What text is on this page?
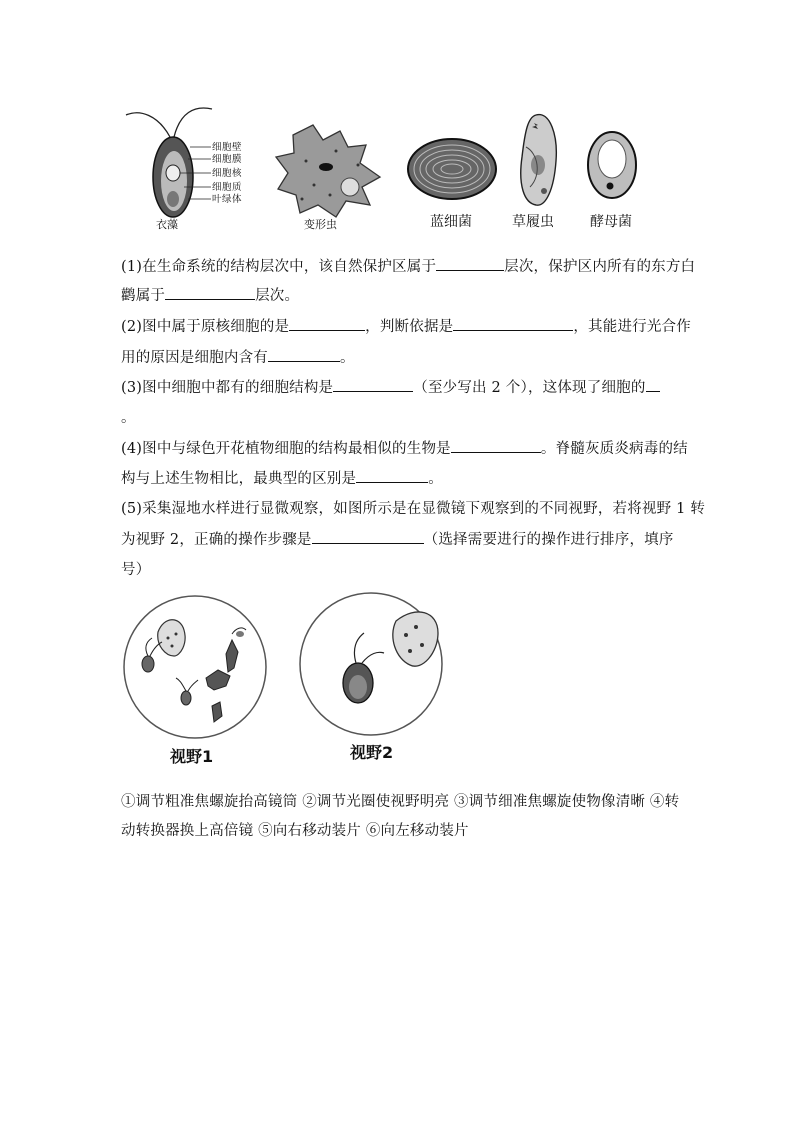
细胞壁
细胞膜
细胞核
细胞质
叶绿体
衣藻	变形虫	蓝细菌	草履虫	酵母菌
(1)在生命系统的结构层次中，该自然保护区属于	层次，保护区内所有的东方白
鹳属于	层次。
(2)图中属于原核细胞的是	，判断依据是	，其能进行光合作
用的原因是细胞内含有	。
(3)图中细胞中都有的细胞结构是	（至少写出 2 个），这体现了细胞的
。
(4)图中与绿色开花植物细胞的结构最相似的生物是	。脊髓灰质炎病毒的结
构与上述生物相比，最典型的区别是	。
(5)采集湿地水样进行显微观察，如图所示是在显微镜下观察到的不同视野，若将视野 1 转
为视野 2，正确的操作步骤是	（选择需要进行的操作进行排序，填序
号）
视野1	视野2
①调节粗准焦螺旋抬高镜筒 ②调节光圈使视野明亮 ③调节细准焦螺旋使物像清晰 ④转
动转换器换上高倍镜 ⑤向右移动装片 ⑥向左移动装片
